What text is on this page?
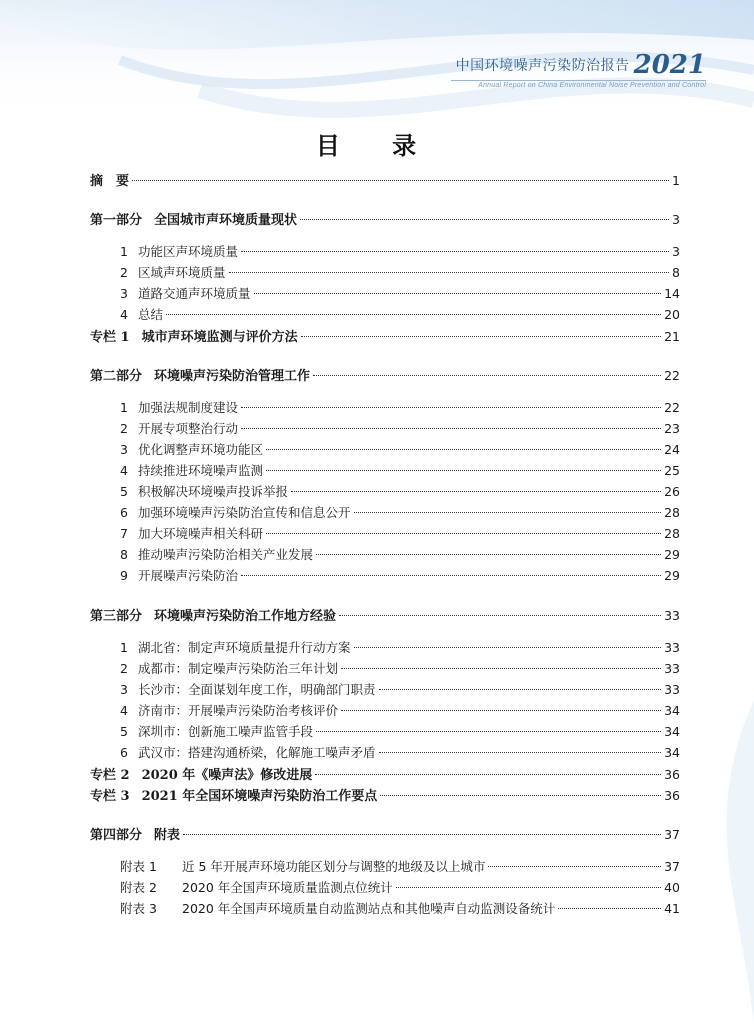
中国环境噪声污染防治报告 2021
Annual Report on China Environmental Noise Prevention and Control
目 录
摘　要	1
第一部分 全国城市声环境质量现状	3
1 功能区声环境质量	3
2 区域声环境质量	8
3 道路交通声环境质量	14
4 总结	20
专栏 1 城市声环境监测与评价方法	21
第二部分 环境噪声污染防治管理工作	22
1 加强法规制度建设	22
2 开展专项整治行动	23
3 优化调整声环境功能区	24
4 持续推进环境噪声监测	25
5 积极解决环境噪声投诉举报	26
6 加强环境噪声污染防治宣传和信息公开	28
7 加大环境噪声相关科研	28
8 推动噪声污染防治相关产业发展	29
9 开展噪声污染防治	29
第三部分 环境噪声污染防治工作地方经验	33
1 湖北省：制定声环境质量提升行动方案	33
2 成都市：制定噪声污染防治三年计划	33
3 长沙市：全面谋划年度工作，明确部门职责	33
4 济南市：开展噪声污染防治考核评价	34
5 深圳市：创新施工噪声监管手段	34
6 武汉市：搭建沟通桥梁，化解施工噪声矛盾	34
专栏 2 2020 年《噪声法》修改进展	36
专栏 3 2021 年全国环境噪声污染防治工作要点	36
第四部分 附表	37
附表 1 近 5 年开展声环境功能区划分与调整的地级及以上城市	37
附表 2 2020 年全国声环境质量监测点位统计	40
附表 3 2020 年全国声环境质量自动监测站点和其他噪声自动监测设备统计	41
